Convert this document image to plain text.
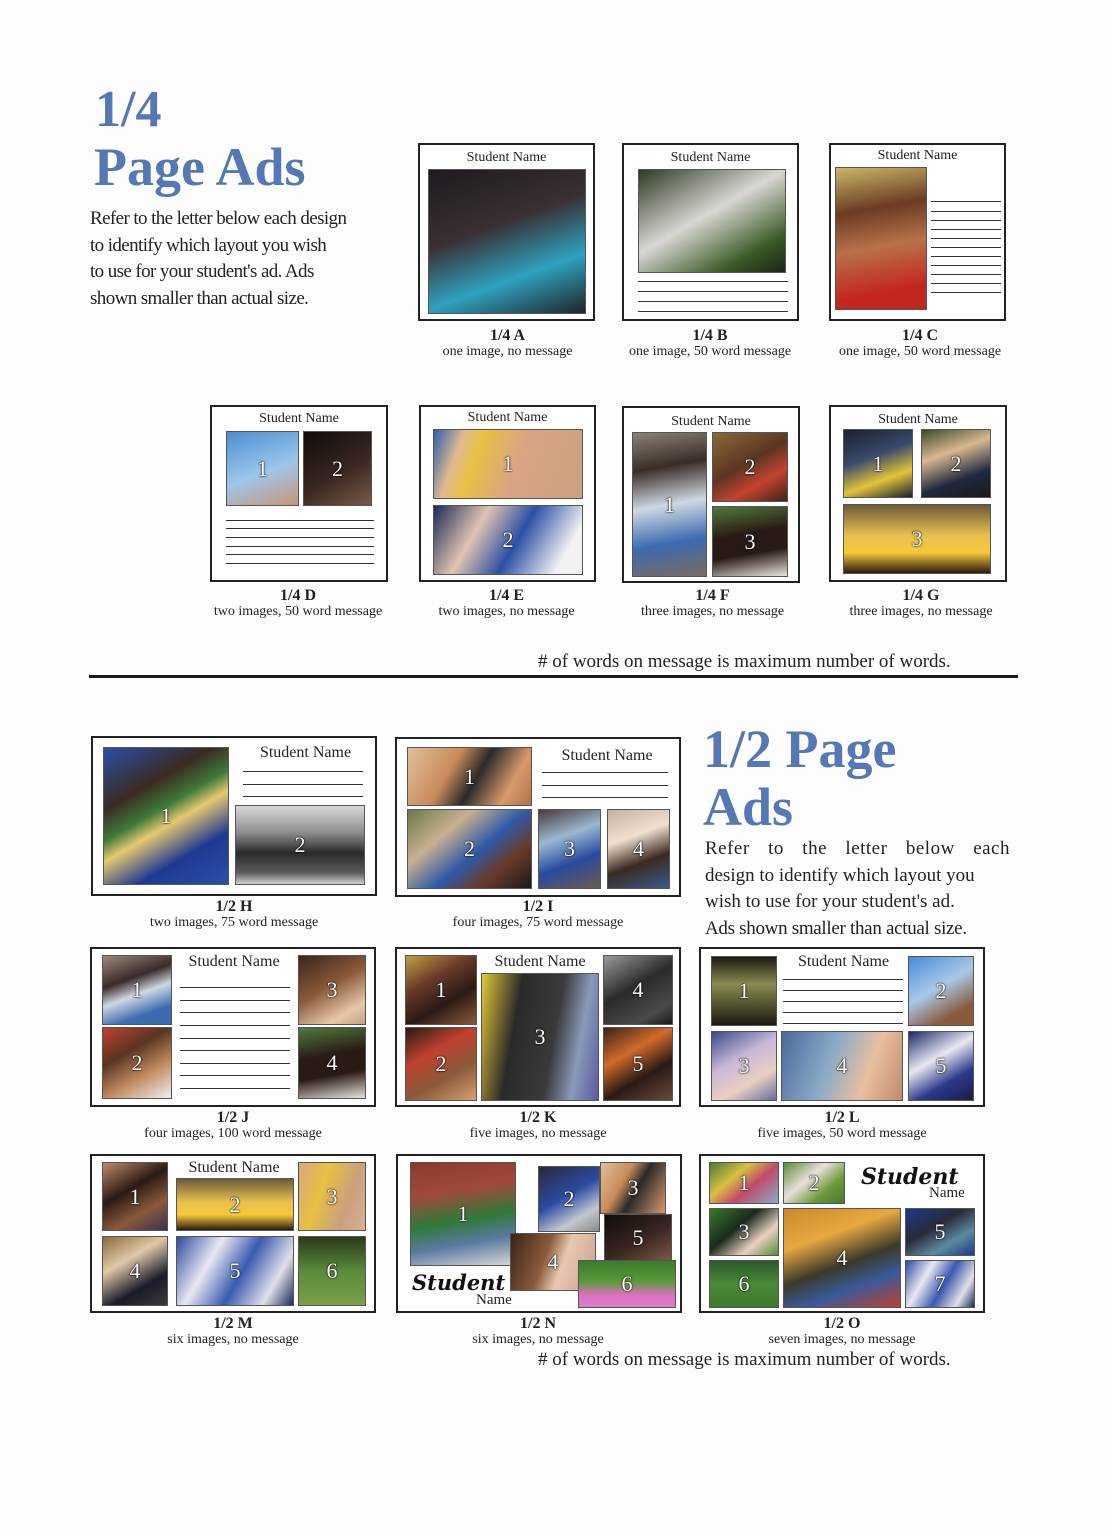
1/4
Page Ads
Refer to the letter below each design
to identify which layout you wish
to use for your student's ad. Ads
shown smaller than actual size.
Student Name
1/4 A
one image, no message
Student Name
1/4 B
one image, 50 word message
Student Name
1/4 C
one image, 50 word message
Student Name
1	2
1/4 D
two images, 50 word message
Student Name
1
2
1/4 E
two images, no message
Student Name
1
2
3
1/4 F
three images, no message
Student Name
1	2
3
1/4 G
three images, no message
# of words on message is maximum number of words.
1/2 Page
Ads
Refer to the letter below each
design to identify which layout you
wish to use for your student's ad.
Ads shown smaller than actual size.
1
Student Name
2
1/2 H
two images, 75 word message
1
Student Name
2	3	4
1/2 I
four images, 75 word message
1
2
Student Name
3
4
1/2 J
four images, 100 word message
1
2
Student Name
3
4
5
1/2 K
five images, no message
1
Student Name
2
3	4	5
1/2 L
five images, 50 word message
1
Student Name
2	3
4	5	6
1/2 M
six images, no message
1
2	3
5
4
6
Student
Name
1/2 N
six images, no message
1	2	Student
Name
3
4
5
6	7
1/2 O
seven images, no message
# of words on message is maximum number of words.
